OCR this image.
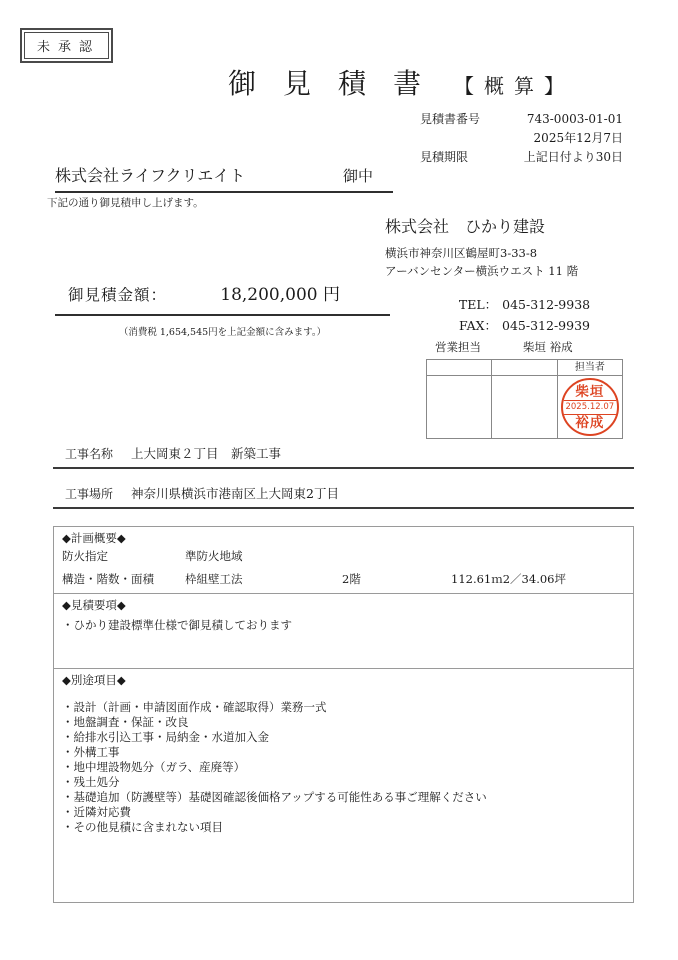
未承認
御見積書 【概算】
見積書番号	743-0003-01-01
2025年12月7日
見積期限	上記日付より30日
株式会社ライフクリエイト	御中
下記の通り御見積申し上げます。
株式会社　ひかり建設
横浜市神奈川区鶴屋町3-33-8
アーバンセンター横浜ウエスト 11 階
御見積金額：	18,200,000 円
（消費税 1,654,545円を上記金額に含みます。）
TEL： 045-312-9938
FAX： 045-312-9939
営業担当	柴垣 裕成
		担当者

		柴垣
2025.12.07
裕成
工事名称 上大岡東２丁目　新築工事
工事場所 神奈川県横浜市港南区上大岡東2丁目
◆計画概要◆
防火指定	準防火地域
構造・階数・面積	枠組壁工法	2階	112.61ｍ2／34.06坪
◆見積要項◆
・ひかり建設標準仕様で御見積しております
◆別途項目◆
・設計（計画・申請図面作成・確認取得）業務一式
・地盤調査・保証・改良
・給排水引込工事・局納金・水道加入金
・外構工事
・地中埋設物処分（ガラ、産廃等）
・残土処分
・基礎追加（防護壁等）基礎図確認後価格アップする可能性ある事ご理解ください
・近隣対応費
・その他見積に含まれない項目
